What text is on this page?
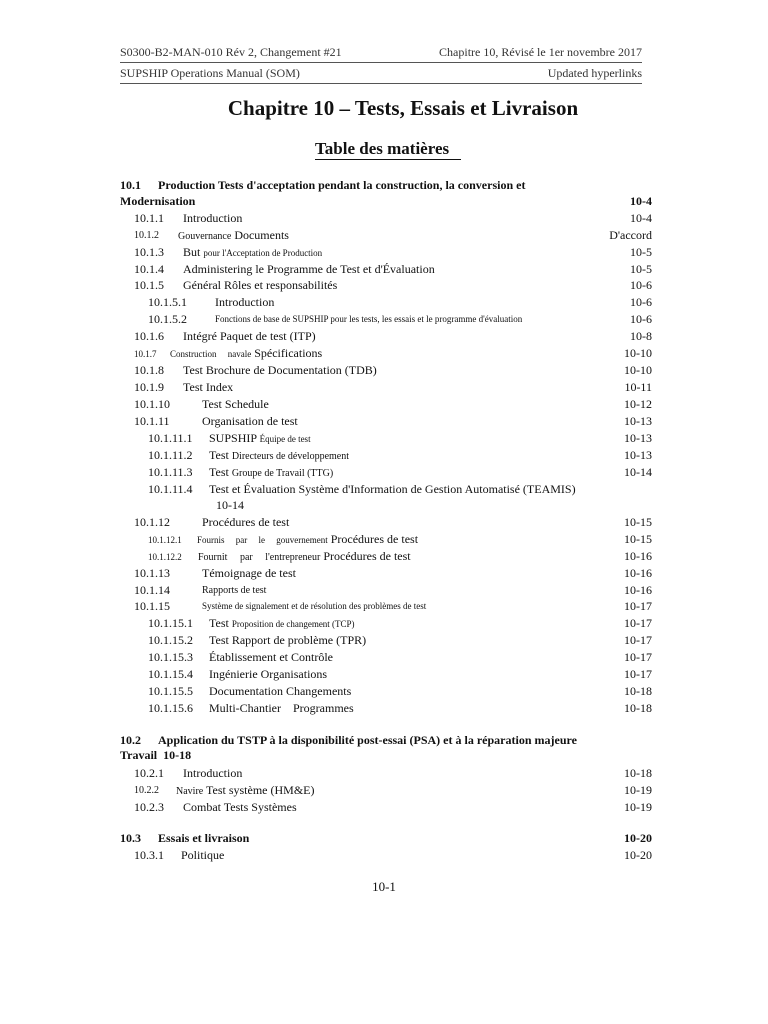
S0300-B2-MAN-010 Rév 2, Changement #21	Chapitre 10, Révisé le 1er novembre 2017
SUPSHIP Operations Manual (SOM)	Updated hyperlinks
Chapitre 10 – Tests, Essais et Livraison
Table des matières
10.1 Production Tests d'acceptation pendant la construction, la conversion et
Modernisation	10-4
10.1.1 Introduction	10-4
10.1.2 Gouvernance Documents	D'accord
10.1.3 But pour l'Acceptation de Production	10-5
10.1.4 Administering le Programme de Test et d'Évaluation	10-5
10.1.5 Général Rôles et responsabilités	10-6
10.1.5.1 Introduction	10-6
10.1.5.2	Fonctions de base de SUPSHIP pour les tests, les essais et le programme d'évaluation	10-6
10.1.6 Intégré Paquet de test (ITP)	10-8
10.1.7 Construction     navale Spécifications	10-10
10.1.8 Test Brochure de Documentation (TDB)	10-10
10.1.9 Test Index	10-11
10.1.10	Test Schedule	10-12
10.1.11	Organisation de test	10-13
10.1.11.1 SUPSHIP Équipe de test	10-13
10.1.11.2 Test Directeurs de développement	10-13
10.1.11.3 Test Groupe de Travail (TTG)	10-14
10.1.11.4 Test et Évaluation Système d'Information de Gestion Automatisé (TEAMIS)
10-14
10.1.12	Procédures de test	10-15
10.1.12.1 Fournis     par     le     gouvernement Procédures de test	10-15
10.1.12.2 Fournit     par     l'entrepreneur Procédures de test	10-16
10.1.13	Témoignage de test	10-16
10.1.14	Rapports de test	10-16
10.1.15	Système de signalement et de résolution des problèmes de test	10-17
10.1.15.1 Test Proposition de changement (TCP)	10-17
10.1.15.2 Test Rapport de problème (TPR)	10-17
10.1.15.3 Établissement et Contrôle	10-17
10.1.15.4 Ingénierie Organisations	10-17
10.1.15.5 Documentation Changements	10-18
10.1.15.6 Multi-Chantier    Programmes	10-18
10.2 Application du TSTP à la disponibilité post-essai (PSA) et à la réparation majeure
Travail  10-18
10.2.1 Introduction	10-18
10.2.2 Navire Test système (HM&E)	10-19
10.2.3 Combat Tests Systèmes	10-19
10.3 Essais et livraison	10-20
10.3.1 Politique	10-20
10-1
